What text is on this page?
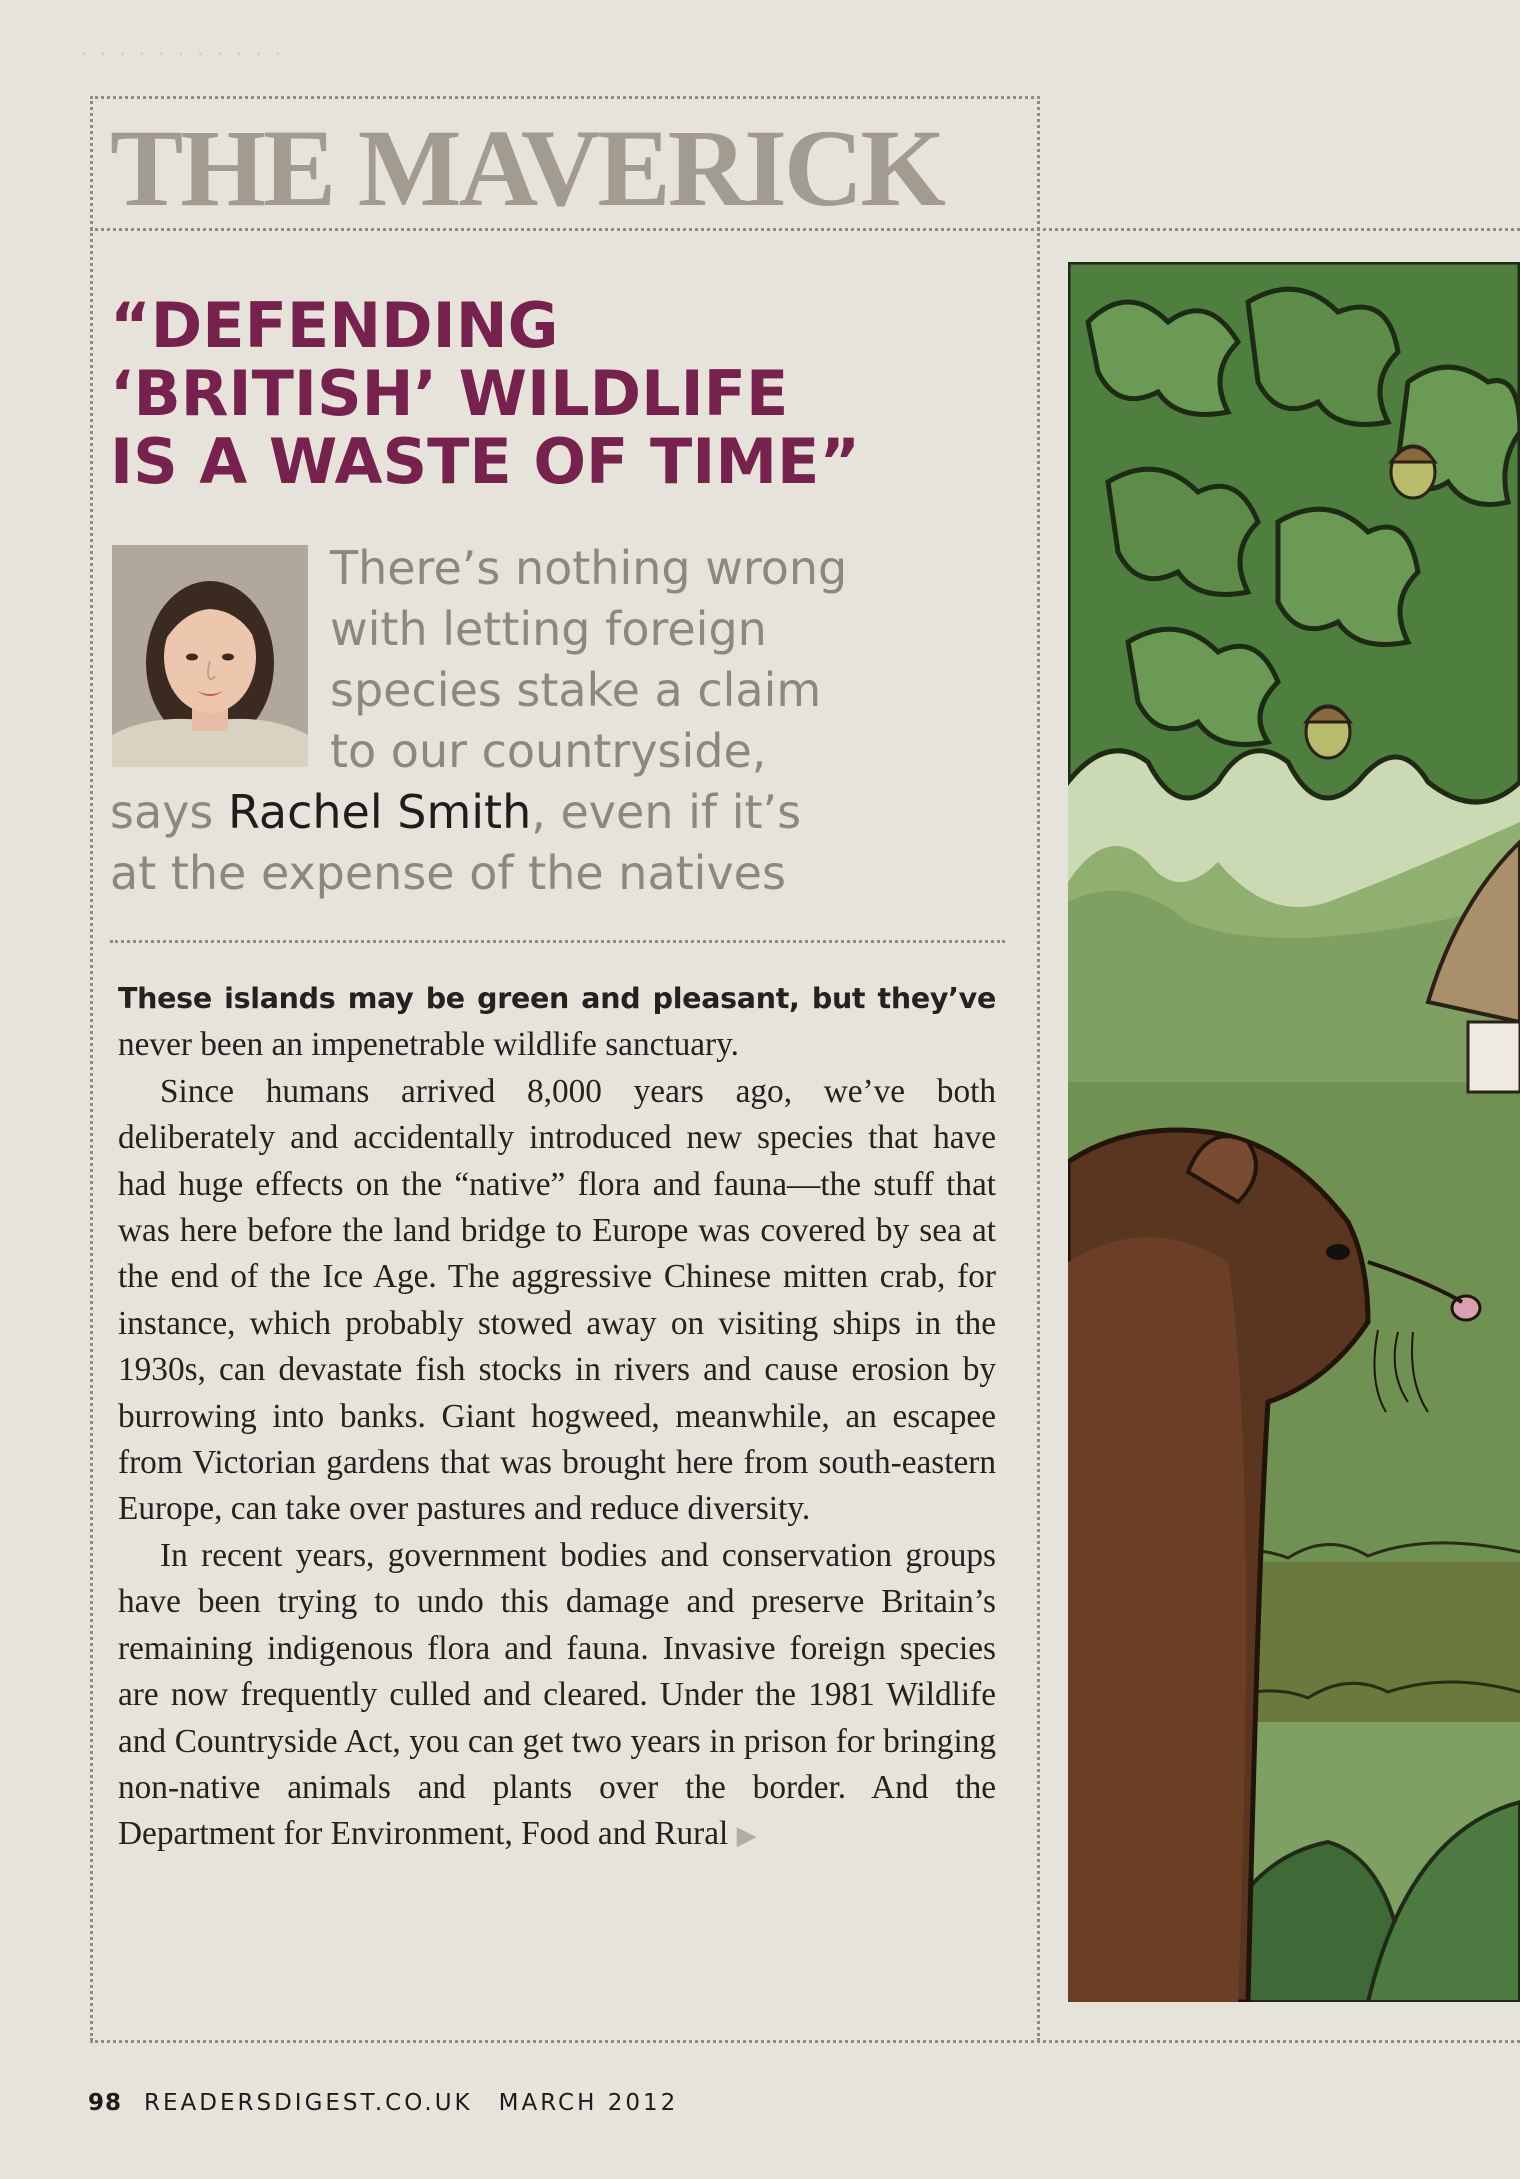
· · · · · · · · · · ·
THE MAVERICK
“DEFENDING
‘BRITISH’ WILDLIFE
IS A WASTE OF TIME”
There’s nothing wrong
with letting foreign
species stake a claim
to our countryside,
says Rachel Smith, even if it’s
at the expense of the natives

These islands may be green and pleasant, but they’ve never been an impenetrable wildlife sanctuary.

Since humans arrived 8,000 years ago, we’ve both deliberately and accidentally introduced new species that have had huge effects on the “native” flora and fauna—the stuff that was here before the land bridge to Europe was covered by sea at the end of the Ice Age. The aggressive Chinese mitten crab, for instance, which probably stowed away on visiting ships in the 1930s, can devastate fish stocks in rivers and cause erosion by burrowing into banks. Giant hogweed, meanwhile, an escapee from Victorian gardens that was brought here from south-eastern Europe, can take over pastures and reduce diversity.

In recent years, government bodies and conservation groups have been trying to undo this damage and preserve Britain’s remaining indigenous flora and fauna. Invasive foreign species are now frequently culled and cleared. Under the 1981 Wildlife and Countryside Act, you can get two years in prison for bringing non-native animals and plants over the border. And the Department for Environment, Food and Rural ▶

98 READERSDIGEST.CO.UK MARCH 2012
